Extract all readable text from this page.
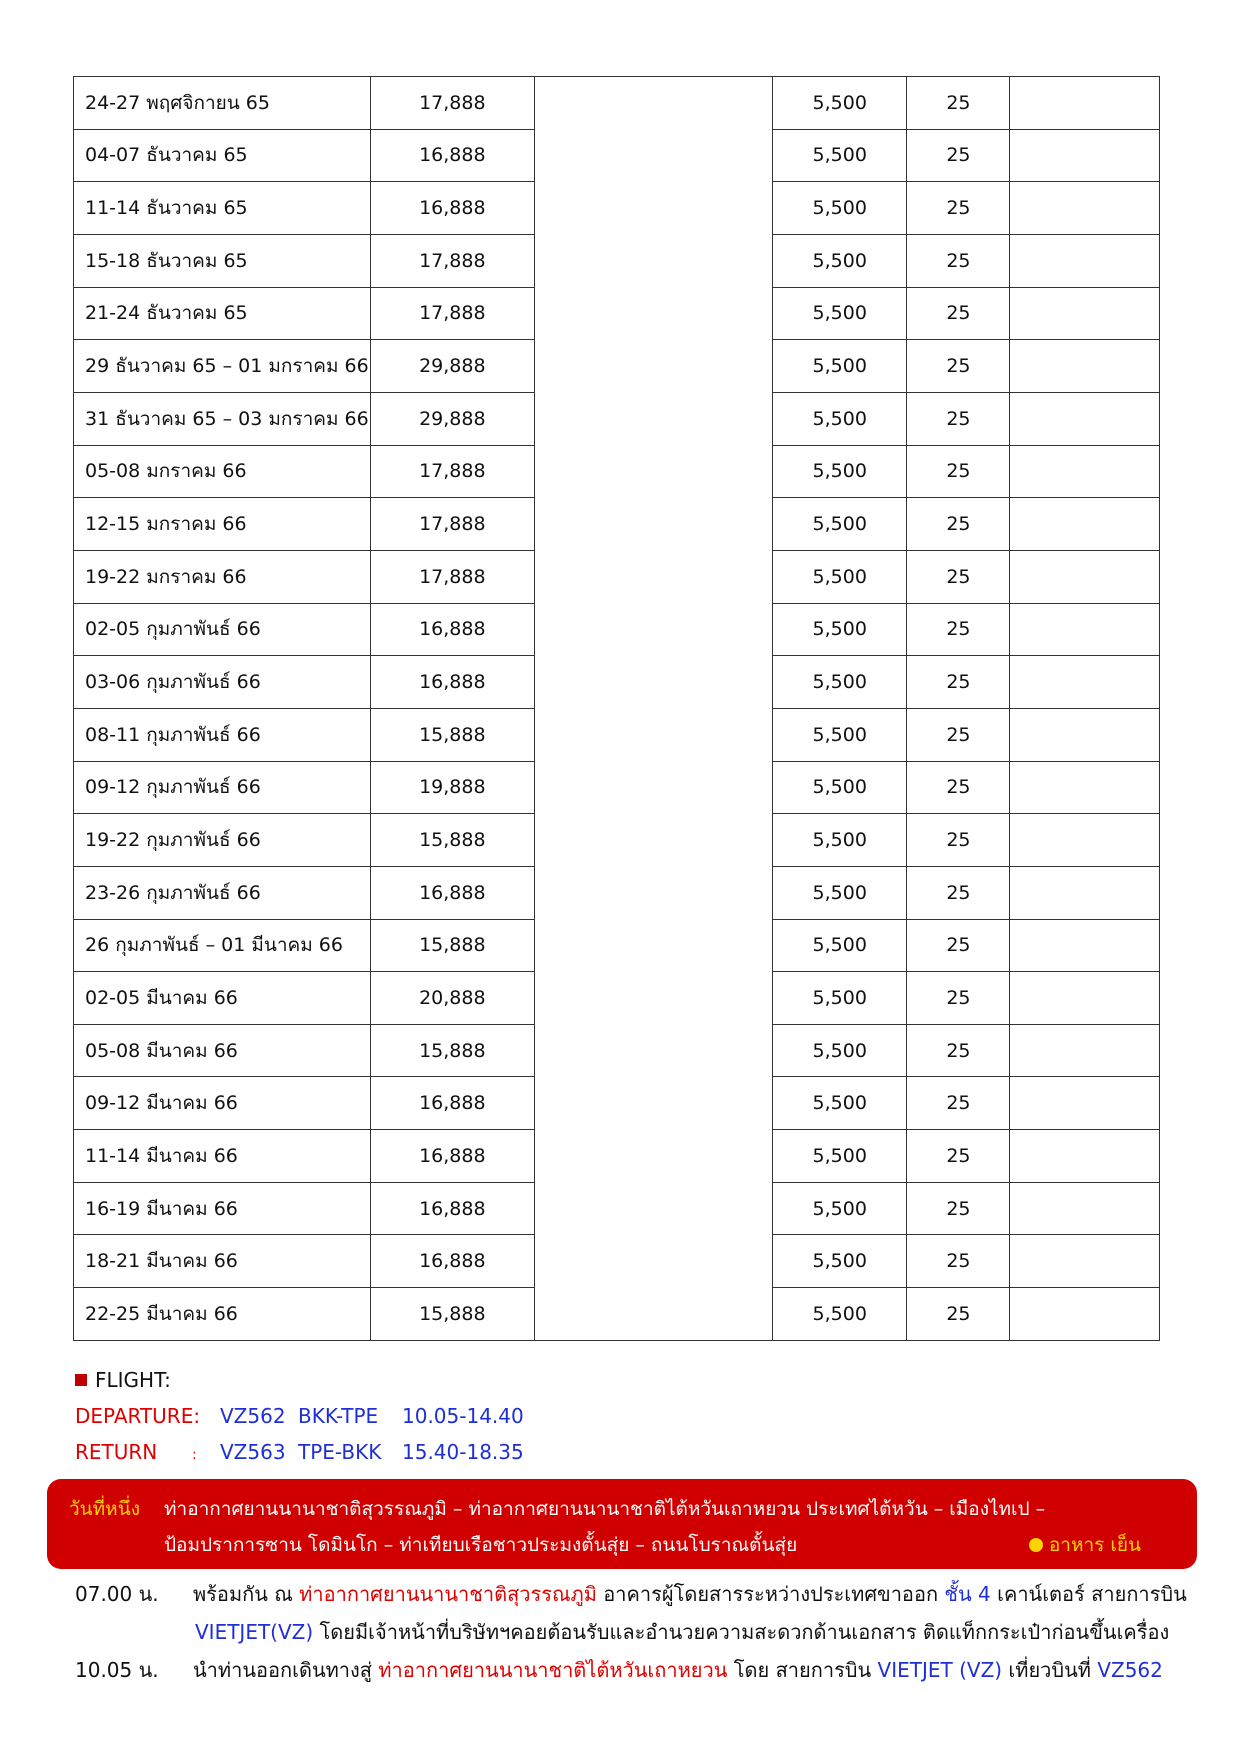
24-27 พฤศจิกายน 65	17,888		5,500	25	
04-07 ธันวาคม 65	16,888		5,500	25	
11-14 ธันวาคม 65	16,888		5,500	25	
15-18 ธันวาคม 65	17,888		5,500	25	
21-24 ธันวาคม 65	17,888		5,500	25	
29 ธันวาคม 65 – 01 มกราคม 66	29,888		5,500	25	
31 ธันวาคม 65 – 03 มกราคม 66	29,888		5,500	25	
05-08 มกราคม 66	17,888		5,500	25	
12-15 มกราคม 66	17,888		5,500	25	
19-22 มกราคม 66	17,888		5,500	25	
02-05 กุมภาพันธ์ 66	16,888		5,500	25	
03-06 กุมภาพันธ์ 66	16,888		5,500	25	
08-11 กุมภาพันธ์ 66	15,888		5,500	25	
09-12 กุมภาพันธ์ 66	19,888		5,500	25	
19-22 กุมภาพันธ์ 66	15,888		5,500	25	
23-26 กุมภาพันธ์ 66	16,888		5,500	25	
26 กุมภาพันธ์ – 01 มีนาคม 66	15,888		5,500	25	
02-05 มีนาคม 66	20,888		5,500	25	
05-08 มีนาคม 66	15,888		5,500	25	
09-12 มีนาคม 66	16,888		5,500	25	
11-14 มีนาคม 66	16,888		5,500	25	
16-19 มีนาคม 66	16,888		5,500	25	
18-21 มีนาคม 66	16,888		5,500	25	
22-25 มีนาคม 66	15,888		5,500	25	
FLIGHT:
DEPARTURE: VZ562 BKK-TPE 10.05-14.40
RETURN : VZ563 TPE-BKK 15.40-18.35
วันที่หนึ่ง ท่าอากาศยานนานาชาติสุวรรณภูมิ – ท่าอากาศยานนานาชาติไต้หวันเถาหยวน ประเทศไต้หวัน – เมืองไทเป –
ป้อมปราการซาน โดมินโก – ท่าเทียบเรือชาวประมงตั้นสุ่ย – ถนนโบราณตั้นสุ่ย	อาหาร เย็น
07.00 น. พร้อมกัน ณ ท่าอากาศยานนานาชาติสุวรรณภูมิ อาคารผู้โดยสารระหว่างประเทศขาออก ชั้น 4 เคาน์เตอร์ สายการบิน
VIETJET(VZ) โดยมีเจ้าหน้าที่บริษัทฯคอยต้อนรับและอำนวยความสะดวกด้านเอกสาร ติดแท็กกระเป๋าก่อนขึ้นเครื่อง
10.05 น. นำท่านออกเดินทางสู่ ท่าอากาศยานนานาชาติไต้หวันเถาหยวน โดย สายการบิน VIETJET (VZ) เที่ยวบินที่ VZ562
